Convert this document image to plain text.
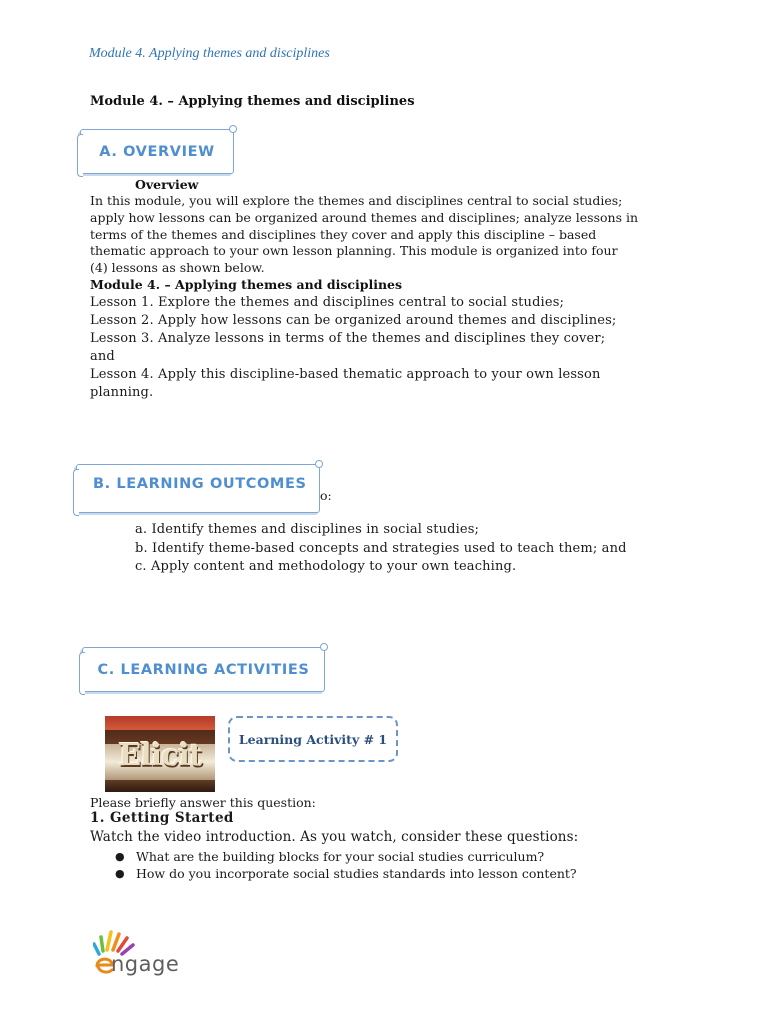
Module 4. Applying themes and disciplines
Module 4. – Applying themes and disciplines
A. OVERVIEW
Overview

In this module, you will explore the themes and disciplines central to social studies;

apply how lessons can be organized around themes and disciplines; analyze lessons in

terms of the themes and disciplines they cover and apply this discipline – based

thematic approach to your own lesson planning. This module is organized into four

(4) lessons as shown below.

Module 4. – Applying themes and disciplines
Lesson 1. Explore the themes and disciplines central to social studies;
Lesson 2. Apply how lessons can be organized around themes and disciplines;
Lesson 3. Analyze lessons in terms of the themes and disciplines they cover;
and
Lesson 4. Apply this discipline-based thematic approach to your own lesson
planning.
B. LEARNING OUTCOMES
o:
a. Identify themes and disciplines in social studies;
b. Identify theme-based concepts and strategies used to teach them; and
c. Apply content and methodology to your own teaching.
C. LEARNING ACTIVITIES
Elicit	Learning Activity # 1
Please briefly answer this question:
1. Getting Started
Watch the video introduction. As you watch, consider these questions:
● What are the building blocks for your social studies curriculum?
● How do you incorporate social studies standards into lesson content?
ngage
